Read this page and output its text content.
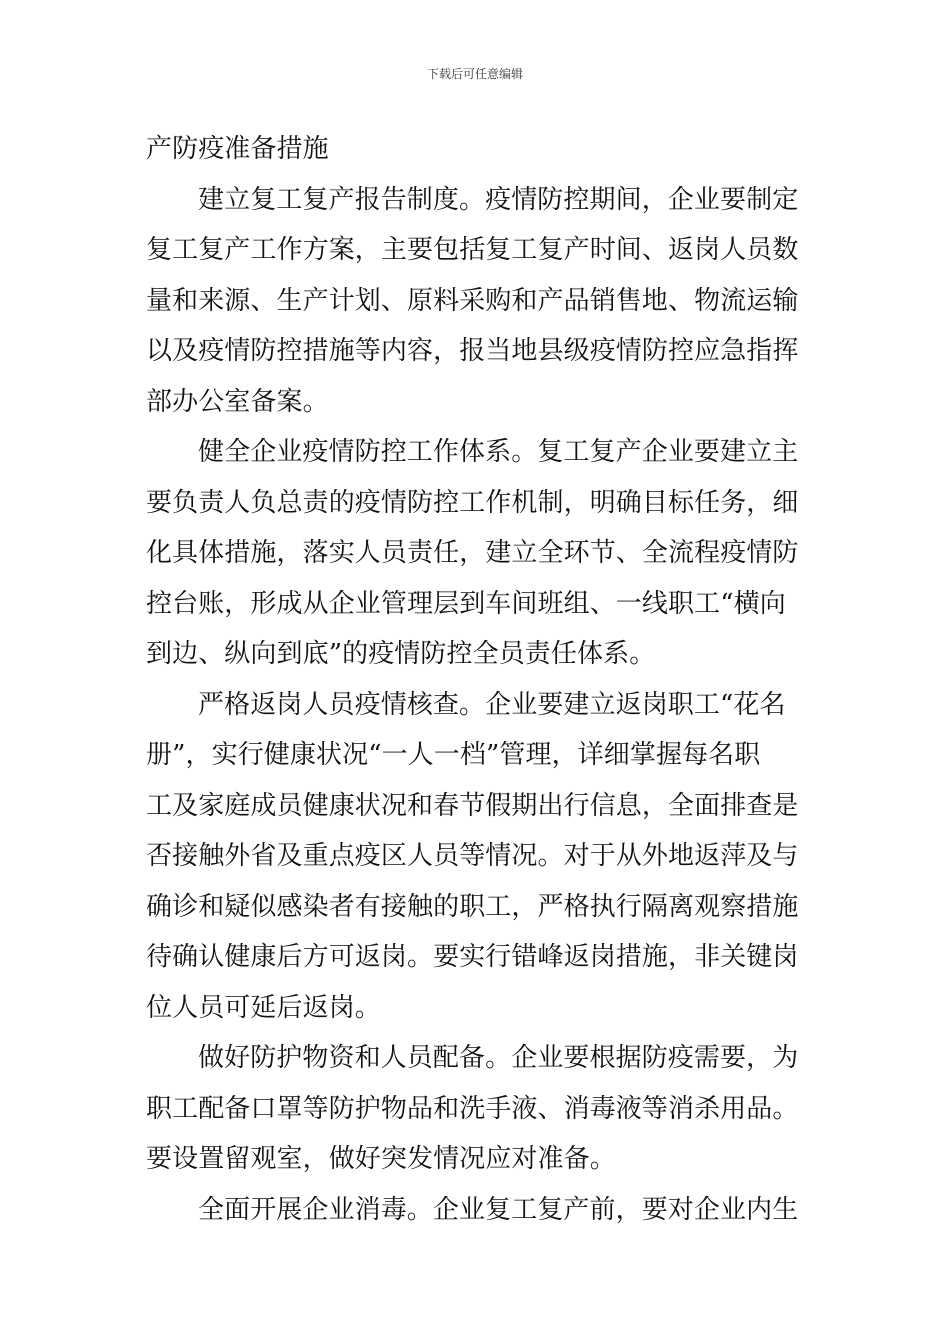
下载后可任意编辑
产防疫准备措施
建立复工复产报告制度。疫情防控期间，企业要制定
复工复产工作方案，主要包括复工复产时间、返岗人员数
量和来源、生产计划、原料采购和产品销售地、物流运输
以及疫情防控措施等内容，报当地县级疫情防控应急指挥
部办公室备案。
健全企业疫情防控工作体系。复工复产企业要建立主
要负责人负总责的疫情防控工作机制，明确目标任务，细
化具体措施，落实人员责任，建立全环节、全流程疫情防
控台账，形成从企业管理层到车间班组、一线职工“横向
到边、纵向到底”的疫情防控全员责任体系。
严格返岗人员疫情核查。企业要建立返岗职工“花名
册”，实行健康状况“一人一档”管理，详细掌握每名职
工及家庭成员健康状况和春节假期出行信息，全面排查是
否接触外省及重点疫区人员等情况。对于从外地返萍及与
确诊和疑似感染者有接触的职工，严格执行隔离观察措施
待确认健康后方可返岗。要实行错峰返岗措施，非关键岗
位人员可延后返岗。
做好防护物资和人员配备。企业要根据防疫需要，为
职工配备口罩等防护物品和洗手液、消毒液等消杀用品。
要设置留观室，做好突发情况应对准备。
全面开展企业消毒。企业复工复产前，要对企业内生
